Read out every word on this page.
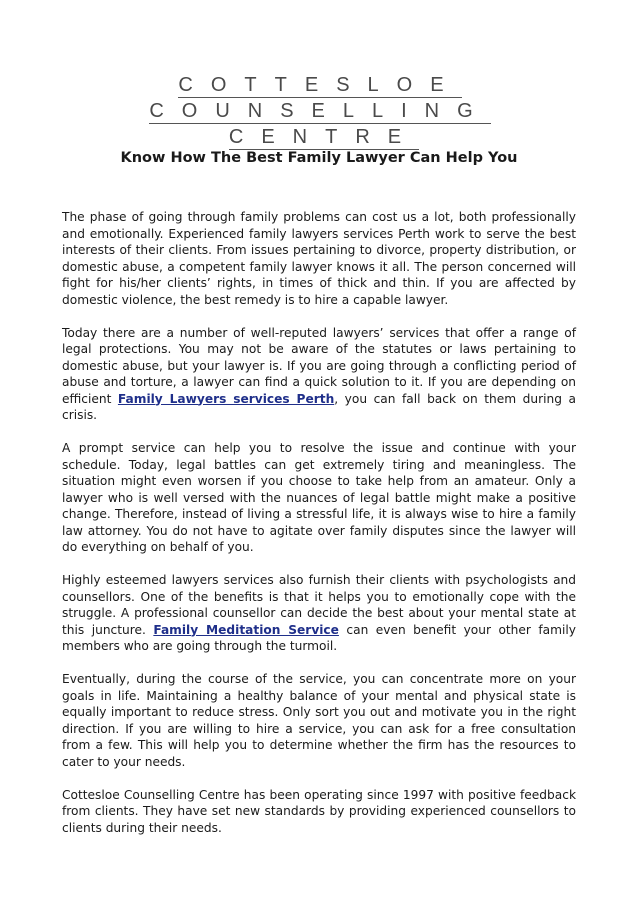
COTTESLOE COUNSELLING
CENTRE
Know How The Best Family Lawyer Can Help You

The phase of going through family problems can cost us a lot, both professionally and emotionally. Experienced family lawyers services Perth work to serve the best interests of their clients. From issues pertaining to divorce, property distribution, or domestic abuse, a competent family lawyer knows it all. The person concerned will fight for his/her clients’ rights, in times of thick and thin. If you are affected by domestic violence, the best remedy is to hire a capable lawyer.

Today there are a number of well-reputed lawyers’ services that offer a range of legal protections. You may not be aware of the statutes or laws pertaining to domestic abuse, but your lawyer is. If you are going through a conflicting period of abuse and torture, a lawyer can find a quick solution to it. If you are depending on efficient Family Lawyers services Perth, you can fall back on them during a crisis.

A prompt service can help you to resolve the issue and continue with your schedule. Today, legal battles can get extremely tiring and meaningless. The situation might even worsen if you choose to take help from an amateur. Only a lawyer who is well versed with the nuances of legal battle might make a positive change. Therefore, instead of living a stressful life, it is always wise to hire a family law attorney. You do not have to agitate over family disputes since the lawyer will do everything on behalf of you.

Highly esteemed lawyers services also furnish their clients with psychologists and counsellors. One of the benefits is that it helps you to emotionally cope with the struggle. A professional counsellor can decide the best about your mental state at this juncture. Family Meditation Service can even benefit your other family members who are going through the turmoil.

Eventually, during the course of the service, you can concentrate more on your goals in life. Maintaining a healthy balance of your mental and physical state is equally important to reduce stress. Only sort you out and motivate you in the right direction. If you are willing to hire a service, you can ask for a free consultation from a few. This will help you to determine whether the firm has the resources to cater to your needs.

Cottesloe Counselling Centre has been operating since 1997 with positive feedback from clients. They have set new standards by providing experienced counsellors to clients during their needs.
